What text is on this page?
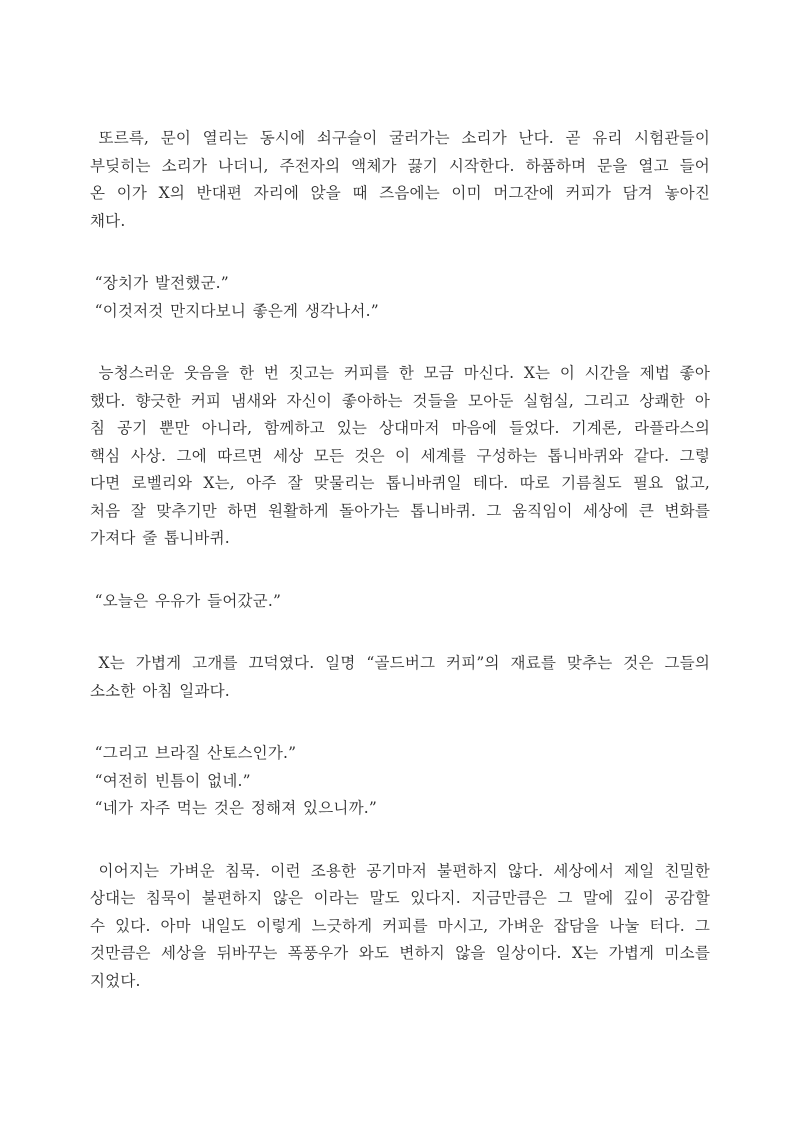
또르륵, 문이 열리는 동시에 쇠구슬이 굴러가는 소리가 난다. 곧 유리 시험관들이
부딪히는 소리가 나더니, 주전자의 액체가 끓기 시작한다. 하품하며 문을 열고 들어
온 이가 X의 반대편 자리에 앉을 때 즈음에는 이미 머그잔에 커피가 담겨 놓아진
채다.
“장치가 발전했군.”
“이것저것 만지다보니 좋은게 생각나서.”
능청스러운 웃음을 한 번 짓고는 커피를 한 모금 마신다. X는 이 시간을 제법 좋아
했다. 향긋한 커피 냄새와 자신이 좋아하는 것들을 모아둔 실험실, 그리고 상쾌한 아
침 공기 뿐만 아니라, 함께하고 있는 상대마저 마음에 들었다. 기계론, 라플라스의
핵심 사상. 그에 따르면 세상 모든 것은 이 세계를 구성하는 톱니바퀴와 같다. 그렇
다면 로벨리와 X는, 아주 잘 맞물리는 톱니바퀴일 테다. 따로 기름칠도 필요 없고,
처음 잘 맞추기만 하면 원활하게 돌아가는 톱니바퀴. 그 움직임이 세상에 큰 변화를
가져다 줄 톱니바퀴.
“오늘은 우유가 들어갔군.”
X는 가볍게 고개를 끄덕였다. 일명 “골드버그 커피”의 재료를 맞추는 것은 그들의
소소한 아침 일과다.
“그리고 브라질 산토스인가.”
“여전히 빈틈이 없네.”
“네가 자주 먹는 것은 정해져 있으니까.”
이어지는 가벼운 침묵. 이런 조용한 공기마저 불편하지 않다. 세상에서 제일 친밀한
상대는 침묵이 불편하지 않은 이라는 말도 있다지. 지금만큼은 그 말에 깊이 공감할
수 있다. 아마 내일도 이렇게 느긋하게 커피를 마시고, 가벼운 잡담을 나눌 터다. 그
것만큼은 세상을 뒤바꾸는 폭풍우가 와도 변하지 않을 일상이다. X는 가볍게 미소를
지었다.
